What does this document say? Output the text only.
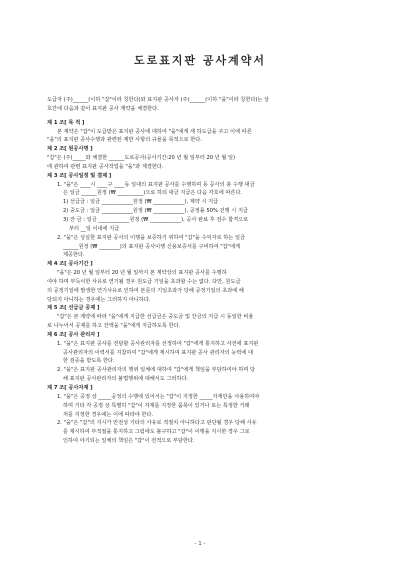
도로표지판 공사계약서
도급자 (주)______(이하 "갑"이라 칭한다)와 표지판 공사자 (주)______(이하 "을"이라 칭한다)는 상
호간에 다음과 같이 표지판 공사 계약을 체결한다.
제 1 조[ 목 적 ]
본 계약은 "갑"이 도급받은 표지판 공사에 대하여 "을"에게 재 하도급을 주고 이에 따른
"을"의 표지판 공사수행과 관련된 제반 사항의 규율을 목적으로 한다.
제 2 조[ 원공사명 ]
"갑"은 (주)_____와 체결한 ______도로공사(공사기간:20 년 월 일부터 20 년 월 일)
에 관하여 관련 표지판 공사작업을 "을"과 계결한다.
제 3 조[ 공사일정 및 결제 ]
1. "을"은 ____시 ____구 ____동 일대의 표지판 공사를 수행하며 동 공사의 총 수행 대금
은 일금 ______원정 (₩ __________)으로 하되 대금 지급은 다음 각호에 따른다.
1) 선급금 : 일금 ____________원정 (₩ ____________), 계약 시 지급
2) 중도금 : 일금 ____________원정 (₩ ____________), 공정률 50% 진행 시 지급
3) 잔 금 : 일금 ____________원정 (₩ ____________), 공사 완료 후 검수 합격으로
부터 __일 이내에 지급
2. "을"은 성실한 표지판 공사의 이행을 보증하기 위하여 "갑"을 수익자로 하는 일금
______원정 (₩ ________)의 표지판 공사이행 신용보증서를 구비하여 "갑"에게
제공한다.
제 4 조[ 공사기간 ]
"을"은 20 년 월 일부터 20 년 월 일까지 본 계약상의 표지판 공사를 수행하
여야 하며 부득이한 사유로 연기될 경우 원도급 기일을 초과할 수는 없다. 다만, 원도급
의 공정기일에 발생한 연기사유로 인하여 본문의 기일초과가 당해 공정기일의 초과에 해
당되지 아니하는 경우에는 그러하지 아니하다.
제 5 조[ 선급금 공제 ]
"갑"은 본 계약에 따라 "을"에게 지급한 선급금은 중도금 및 잔금의 지급 시 동일한 비율
로 나누어서 공제를 하고 잔액을 "을"에게 지급하도록 한다.
제 6 조[ 공사 관리자 ]
1. "을"은 표지판 공사를 전담할 공사관리자를 선정하여 "갑"에게 통지하고 사전에 표지판
공사관리자의 이력서를 지참하여 "갑"에게 제시하여 표지판 공사 관리자의 능력에 대
한 검증을 받도록 한다.
2. "을"은 표지판 공사관리자의 행위 일체에 대하여 "갑"에게 책임을 부담하여야 하며 당
해 표지판 공사관리자의 불법행위에 대해서도 그러하다.
제 7 조[ 공사자재 ]
1. "을"은 공정 상 _____공정의 수행에 있어서는 "갑"이 지정한 _____자재만을 사용하여야
하며 기타 각 공정 상 특별히 "갑"이 자재를 지정한 품목이 있거나 또는 특정한 거래
처를 지정한 경우에는 이에 따라야 한다.
2. "을"은 "갑"의 지시가 안전상 기타의 사유로 적절치 아니하다고 판단될 경우 당해 사유
를 제시하여 부적절을 통지하고 그럼에도 불구하고 "갑"이 이행을 지시한 경우 그로
인하여 야기되는 일체의 책임은 "갑"이 전적으로 부담한다.
- 1 -
